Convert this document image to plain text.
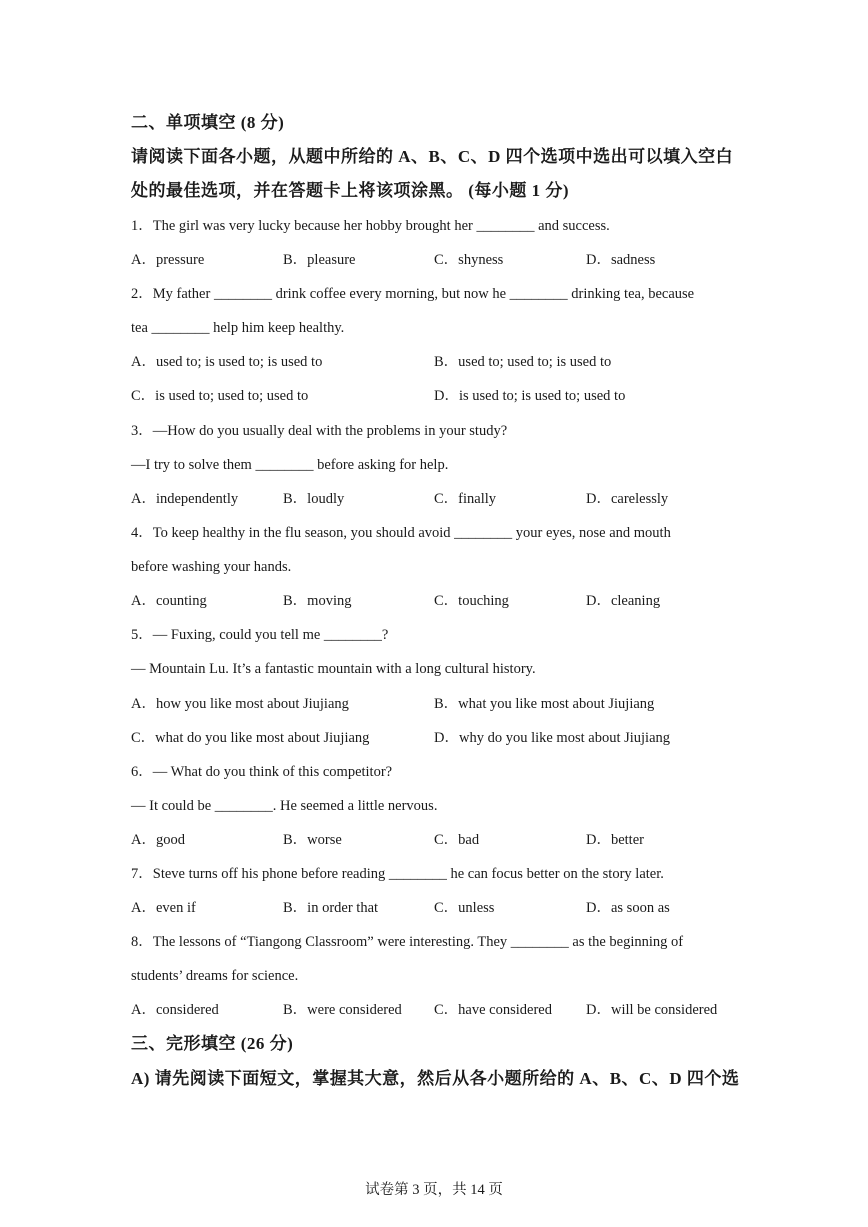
二、单项填空 (8 分)
请阅读下面各小题，从题中所给的 A、B、C、D 四个选项中选出可以填入空白
处的最佳选项，并在答题卡上将该项涂黑。 (每小题 1 分)
1．The girl was very lucky because her hobby brought her ________ and success.
A．pressure	B．pleasure	C．shyness	D．sadness
2．My father ________ drink coffee every morning, but now he ________ drinking tea, because
tea ________ help him keep healthy.
A．used to; is used to; is used to	B．used to; used to; is used to
C．is used to; used to; used to	D．is used to; is used to; used to
3．—How do you usually deal with the problems in your study?
—I try to solve them ________ before asking for help.
A．independently	B．loudly	C．finally	D．carelessly
4．To keep healthy in the flu season, you should avoid ________ your eyes, nose and mouth
before washing your hands.
A．counting	B．moving	C．touching	D．cleaning
5．— Fuxing, could you tell me ________?
— Mountain Lu. It’s a fantastic mountain with a long cultural history.
A．how you like most about Jiujiang	B．what you like most about Jiujiang
C．what do you like most about Jiujiang	D．why do you like most about Jiujiang
6．— What do you think of this competitor?
— It could be ________. He seemed a little nervous.
A．good	B．worse	C．bad	D．better
7．Steve turns off his phone before reading ________ he can focus better on the story later.
A．even if	B．in order that	C．unless	D．as soon as
8．The lessons of “Tiangong Classroom” were interesting. They ________ as the beginning of
students’ dreams for science.
A．considered	B．were considered C．have considered D．will be considered
三、完形填空 (26 分)
A) 请先阅读下面短文，掌握其大意，然后从各小题所给的 A、B、C、D 四个选
试卷第 3 页，共 14 页
